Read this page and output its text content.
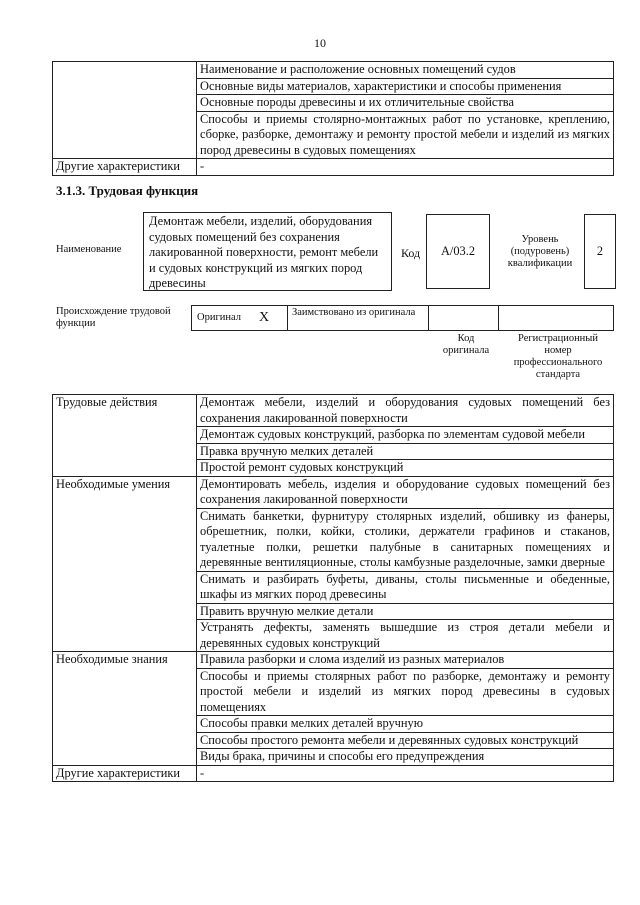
10
	Наименование и расположение основных помещений судов
	Основные виды материалов, характеристики и способы применения
	Основные породы древесины и их отличительные свойства
	Способы и приемы столярно-монтажных работ по установке, креплению, сборке, разборке, демонтажу и ремонту простой мебели и изделий из мягких пород древесины в судовых помещениях
Другие характеристики	-
3.1.3. Трудовая функция
Наименование
Демонтаж мебели, изделий, оборудования судовых помещений без сохранения лакированной поверхности, ремонт мебели и судовых конструкций из мягких пород древесины
Код А/03.2
Уровень (подуровень) квалификации
2
Происхождение трудовой функции
Оригинал X	Заимствовано из оригинала
Код оригинала
Регистрационный номер профессионального стандарта
Трудовые действия	Демонтаж мебели, изделий и оборудования судовых помещений без сохранения лакированной поверхности
	Демонтаж судовых конструкций, разборка по элементам судовой мебели
	Правка вручную мелких деталей
	Простой ремонт судовых конструкций
Необходимые умения	Демонтировать мебель, изделия и оборудование судовых помещений без сохранения лакированной поверхности
	Снимать банкетки, фурнитуру столярных изделий, обшивку из фанеры, обрешетник, полки, койки, столики, держатели графинов и стаканов, туалетные полки, решетки палубные в санитарных помещениях и деревянные вентиляционные, столы камбузные разделочные, замки дверные
	Снимать и разбирать буфеты, диваны, столы письменные и обеденные, шкафы из мягких пород древесины
	Править вручную мелкие детали
	Устранять дефекты, заменять вышедшие из строя детали мебели и деревянных судовых конструкций
Необходимые знания	Правила разборки и слома изделий из разных материалов
	Способы и приемы столярных работ по разборке, демонтажу и ремонту простой мебели и изделий из мягких пород древесины в судовых помещениях
	Способы правки мелких деталей вручную
	Способы простого ремонта мебели и деревянных судовых конструкций
	Виды брака, причины и способы его предупреждения
Другие характеристики	-
